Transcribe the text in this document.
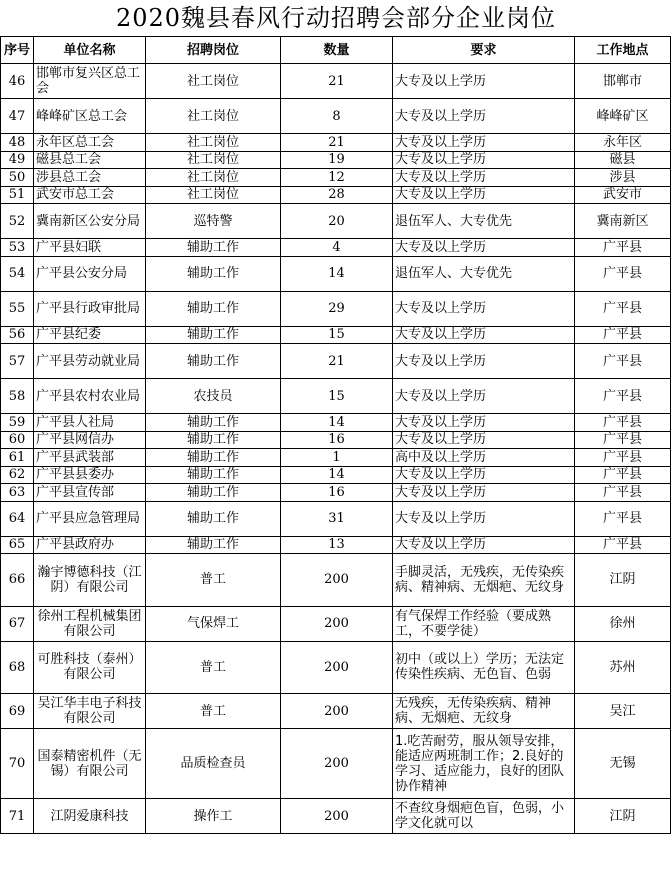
2020魏县春风行动招聘会部分企业岗位
序号	单位名称	招聘岗位	数量	要求	工作地点
46	邯郸市复兴区总工会	社工岗位	21	大专及以上学历	邯郸市
47	峰峰矿区总工会	社工岗位	8	大专及以上学历	峰峰矿区
48	永年区总工会	社工岗位	21	大专及以上学历	永年区
49	磁县总工会	社工岗位	19	大专及以上学历	磁县
50	涉县总工会	社工岗位	12	大专及以上学历	涉县
51	武安市总工会	社工岗位	28	大专及以上学历	武安市
52	冀南新区公安分局	巡特警	20	退伍军人、大专优先	冀南新区
53	广平县妇联	辅助工作	4	大专及以上学历	广平县
54	广平县公安分局	辅助工作	14	退伍军人、大专优先	广平县
55	广平县行政审批局	辅助工作	29	大专及以上学历	广平县
56	广平县纪委	辅助工作	15	大专及以上学历	广平县
57	广平县劳动就业局	辅助工作	21	大专及以上学历	广平县
58	广平县农村农业局	农技员	15	大专及以上学历	广平县
59	广平县人社局	辅助工作	14	大专及以上学历	广平县
60	广平县网信办	辅助工作	16	大专及以上学历	广平县
61	广平县武装部	辅助工作	1	高中及以上学历	广平县
62	广平县县委办	辅助工作	14	大专及以上学历	广平县
63	广平县宣传部	辅助工作	16	大专及以上学历	广平县
64	广平县应急管理局	辅助工作	31	大专及以上学历	广平县
65	广平县政府办	辅助工作	13	大专及以上学历	广平县
66	瀚宇博德科技（江阴）有限公司	普工	200	手脚灵活，无残疾，无传染疾病、精神病、无烟疤、无纹身	江阴
67	徐州工程机械集团有限公司	气保焊工	200	有气保焊工作经验（要成熟工，不要学徒）	徐州
68	可胜科技（泰州）有限公司	普工	200	初中（或以上）学历；无法定传染性疾病、无色盲、色弱	苏州
69	吴江华丰电子科技有限公司	普工	200	无残疾，无传染疾病、精神病、无烟疤、无纹身	吴江
70	国泰精密机件（无锡）有限公司	品质检查员	200	1.吃苦耐劳，服从领导安排，能适应两班制工作；2.良好的学习、适应能力，良好的团队协作精神	无锡
71	江阴爱康科技	操作工	200	不查纹身烟疤色盲，色弱，小学文化就可以	江阴
